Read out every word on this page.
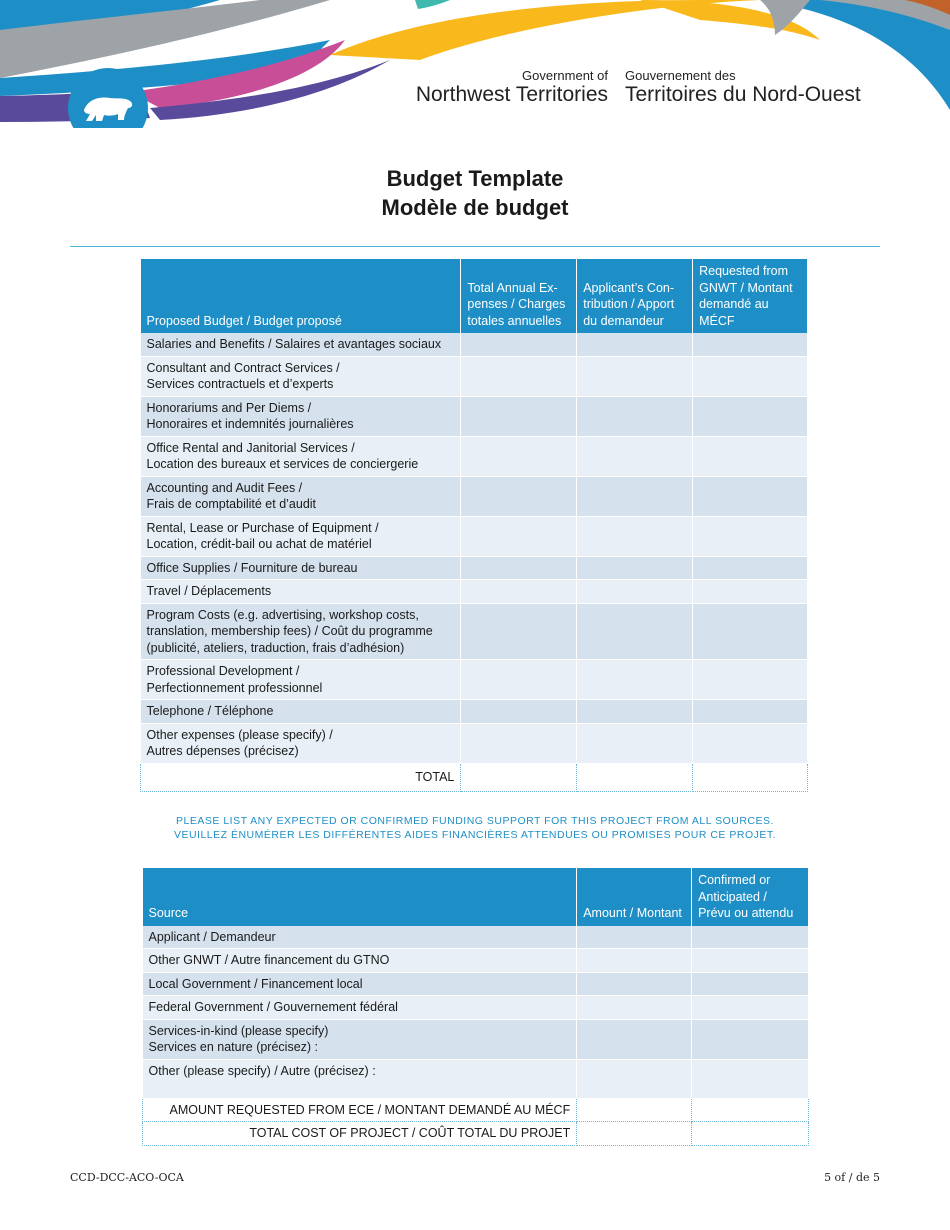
Government of
Northwest Territories
Gouvernement des
Territoires du Nord-Ouest
Budget Template
Modèle de budget
Proposed Budget / Budget proposé	Total Annual Ex-penses / Charges totales annuelles	Applicant’s Con-tribution / Apport du demandeur	Requested from GNWT / Montant demandé au MÉCF

Salaries and Benefits / Salaires et avantages sociaux			

Consultant and Contract Services /
Services contractuels et d’experts			

Honorariums and Per Diems /
Honoraires et indemnités journalières			

Office Rental and Janitorial Services /
Location des bureaux et services de conciergerie			

Accounting and Audit Fees /
Frais de comptabilité et d’audit			

Rental, Lease or Purchase of Equipment /
Location, crédit-bail ou achat de matériel			

Office Supplies / Fourniture de bureau			

Travel / Déplacements			

Program Costs (e.g. advertising, workshop costs,
translation, membership fees) / Coût du programme
(publicité, ateliers, traduction, frais d’adhésion)			

Professional Development /
Perfectionnement professionnel			

Telephone / Téléphone			

Other expenses (please specify) /
Autres dépenses (précisez)			

TOTAL			
PLEASE LIST ANY EXPECTED OR CONFIRMED FUNDING SUPPORT FOR THIS PROJECT FROM ALL SOURCES.
VEUILLEZ ÉNUMÉRER LES DIFFÉRENTES AIDES FINANCIÈRES ATTENDUES OU PROMISES POUR CE PROJET.
Source	Amount / Montant	Confirmed or Anticipated / Prévu ou attendu

Applicant / Demandeur		

Other GNWT / Autre financement du GTNO		

Local Government / Financement local		

Federal Government / Gouvernement fédéral		

Services-in-kind (please specify)
Services en nature (précisez) :		

Other (please specify) / Autre (précisez) :		

AMOUNT REQUESTED FROM ECE / MONTANT DEMANDÉ AU MÉCF		
TOTAL COST OF PROJECT / COÛT TOTAL DU PROJET		
CCD-DCC-ACO-OCA	5 of / de 5
